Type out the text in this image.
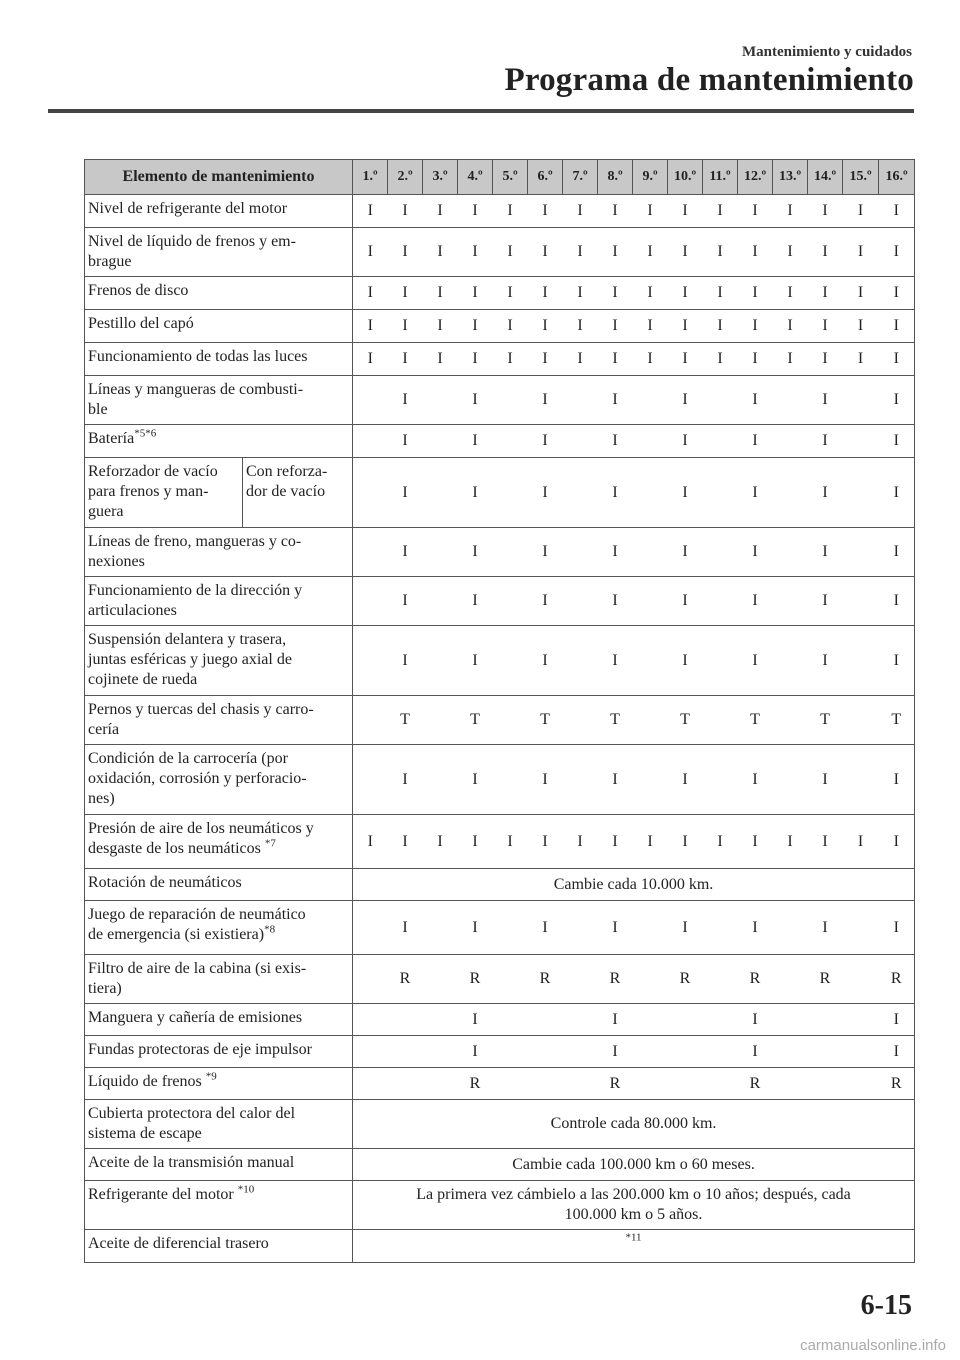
Mantenimiento y cuidados
Programa de mantenimiento
Elemento de mantenimiento		1.º	2.º	3.º	4.º	5.º	6.º	7.º	8.º	9.º	10.º	11.º	12.º	13.º	14.º	15.º	16.º
Nivel de refrigerante del motor		I	I	I	I	I	I	I	I	I	I	I	I	I	I	I	I
Nivel de líquido de frenos y em-
brague		I	I	I	I	I	I	I	I	I	I	I	I	I	I	I	I
Frenos de disco		I	I	I	I	I	I	I	I	I	I	I	I	I	I	I	I
Pestillo del capó		I	I	I	I	I	I	I	I	I	I	I	I	I	I	I	I
Funcionamiento de todas las luces		I	I	I	I	I	I	I	I	I	I	I	I	I	I	I	I
Líneas y mangueras de combusti-
ble			I		I		I		I		I		I		I		I
Batería$^{*5*6}$			I		I		I		I		I		I		I		I
Reforzador de vacío
para frenos y man-
guera	Con reforza-
dor de vacío		I		I		I		I		I		I		I		I
Líneas de freno, mangueras y co-
nexiones			I		I		I		I		I		I		I		I
Funcionamiento de la dirección y
articulaciones			I		I		I		I		I		I		I		I
Suspensión delantera y trasera,
juntas esféricas y juego axial de
cojinete de rueda			I		I		I		I		I		I		I		I
Pernos y tuercas del chasis y carro-
cería			T		T		T		T		T		T		T		T
Condición de la carrocería (por
oxidación, corrosión y perforacio-
nes)			I		I		I		I		I		I		I		I
Presión de aire de los neumáticos y
desgaste de los neumáticos $^{*7}$		I	I	I	I	I	I	I	I	I	I	I	I	I	I	I	I
Rotación de neumáticos		Cambie cada 10.000 km.															
Juego de reparación de neumático
de emergencia (si existiera)$^{*8}$			I		I		I		I		I		I		I		I
Filtro de aire de la cabina (si exis-
tiera)			R		R		R		R		R		R		R		R
Manguera y cañería de emisiones					I				I				I				I
Fundas protectoras de eje impulsor					I				I				I				I
Líquido de frenos $^{*9}$					R				R				R				R
Cubierta protectora del calor del
sistema de escape		Controle cada 80.000 km.															
Aceite de la transmisión manual		Cambie cada 100.000 km o 60 meses.															
Refrigerante del motor $^{*10}$		La primera vez cámbielo a las 200.000 km o 10 años; después, cada
100.000 km o 5 años.															
Aceite de diferencial trasero		$^{*11}$
6-15
carmanualsonline.info
